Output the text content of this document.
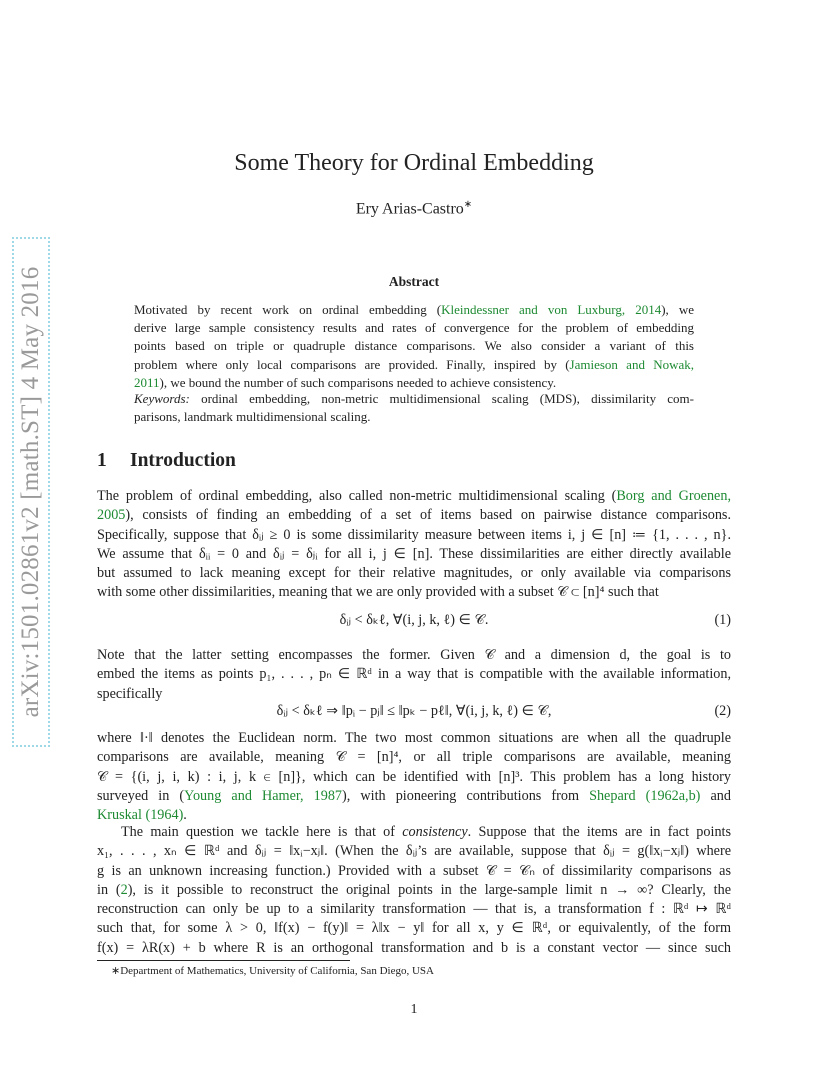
arXiv:1501.02861v2 [math.ST] 4 May 2016
Some Theory for Ordinal Embedding
Ery Arias-Castro∗
Abstract
Motivated by recent work on ordinal embedding (Kleindessner and von Luxburg, 2014), we
derive large sample consistency results and rates of convergence for the problem of embedding
points based on triple or quadruple distance comparisons. We also consider a variant of this
problem where only local comparisons are provided. Finally, inspired by (Jamieson and Nowak,
2011), we bound the number of such comparisons needed to achieve consistency.
Keywords: ordinal embedding, non-metric multidimensional scaling (MDS), dissimilarity com-
parisons, landmark multidimensional scaling.
1 Introduction
The problem of ordinal embedding, also called non-metric multidimensional scaling (Borg and Groenen,
2005), consists of finding an embedding of a set of items based on pairwise distance comparisons.
Specifically, suppose that δᵢⱼ ≥ 0 is some dissimilarity measure between items i, j ∈ [n] ≔ {1, . . . , n}.
We assume that δᵢᵢ = 0 and δᵢⱼ = δⱼᵢ for all i, j ∈ [n]. These dissimilarities are either directly available
but assumed to lack meaning except for their relative magnitudes, or only available via comparisons
with some other dissimilarities, meaning that we are only provided with a subset 𝒞 ⊂ [n]⁴ such that
δᵢⱼ < δₖℓ, ∀(i, j, k, ℓ) ∈ 𝒞.	(1)
Note that the latter setting encompasses the former. Given 𝒞 and a dimension d, the goal is to
embed the items as points p₁, . . . , pₙ ∈ ℝᵈ in a way that is compatible with the available information,
specifically
δᵢⱼ < δₖℓ ⇒ ‖pᵢ − pⱼ‖ ≤ ‖pₖ − pℓ‖, ∀(i, j, k, ℓ) ∈ 𝒞,	(2)
where ‖·‖ denotes the Euclidean norm. The two most common situations are when all the quadruple
comparisons are available, meaning 𝒞 = [n]⁴, or all triple comparisons are available, meaning
𝒞 = {(i, j, i, k) : i, j, k ∈ [n]}, which can be identified with [n]³. This problem has a long history
surveyed in (Young and Hamer, 1987), with pioneering contributions from Shepard (1962a,b) and
Kruskal (1964).
The main question we tackle here is that of consistency. Suppose that the items are in fact points
x₁, . . . , xₙ ∈ ℝᵈ and δᵢⱼ = ‖xᵢ−xⱼ‖. (When the δᵢⱼ’s are available, suppose that δᵢⱼ = g(‖xᵢ−xⱼ‖) where
g is an unknown increasing function.) Provided with a subset 𝒞 = 𝒞ₙ of dissimilarity comparisons as
in (2), is it possible to reconstruct the original points in the large-sample limit n → ∞? Clearly, the
reconstruction can only be up to a similarity transformation — that is, a transformation f : ℝᵈ ↦ ℝᵈ
such that, for some λ > 0, ‖f(x) − f(y)‖ = λ‖x − y‖ for all x, y ∈ ℝᵈ, or equivalently, of the form
f(x) = λR(x) + b where R is an orthogonal transformation and b is a constant vector — since such
∗Department of Mathematics, University of California, San Diego, USA
1
